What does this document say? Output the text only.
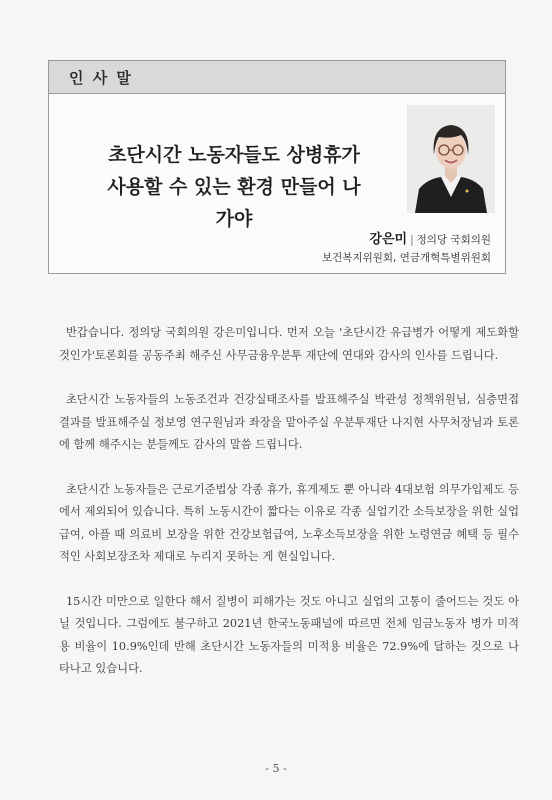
인 사 말
초단시간 노동자들도 상병휴가
사용할 수 있는 환경 만들어 나가야
강은미 | 정의당 국회의원
보건복지위원회, 연금개혁특별위원회

반갑습니다. 정의당 국회의원 강은미입니다. 먼저 오늘 '초단시간 유급병가 어떻게 제도화할 것인가'토론회를 공동주최 해주신 사무금융우분투 재단에 연대와 감사의 인사를 드립니다.

초단시간 노동자들의 노동조건과 건강실태조사를 발표해주실 박관성 정책위원님, 심층면접 결과를 발표해주실 정보영 연구원님과 좌장을 맡아주실 우분투재단 나지현 사무처장님과 토론에 함께 해주시는 분들께도 감사의 말씀 드립니다.

초단시간 노동자들은 근로기준법상 각종 휴가, 휴게제도 뿐 아니라 4대보험 의무가입제도 등에서 제외되어 있습니다. 특히 노동시간이 짧다는 이유로 각종 실업기간 소득보장을 위한 실업급여, 아플 때 의료비 보장을 위한 건강보험급여, 노후소득보장을 위한 노령연금 혜택 등 필수적인 사회보장조차 제대로 누리지 못하는 게 현실입니다.

15시간 미만으로 일한다 해서 질병이 피해가는 것도 아니고 실업의 고통이 줄어드는 것도 아닐 것입니다. 그럼에도 불구하고 2021년 한국노동패널에 따르면 전체 임금노동자 병가 미적용 비율이 10.9%인데 반해 초단시간 노동자들의 미적용 비율은 72.9%에 달하는 것으로 나타나고 있습니다.

- 5 -
